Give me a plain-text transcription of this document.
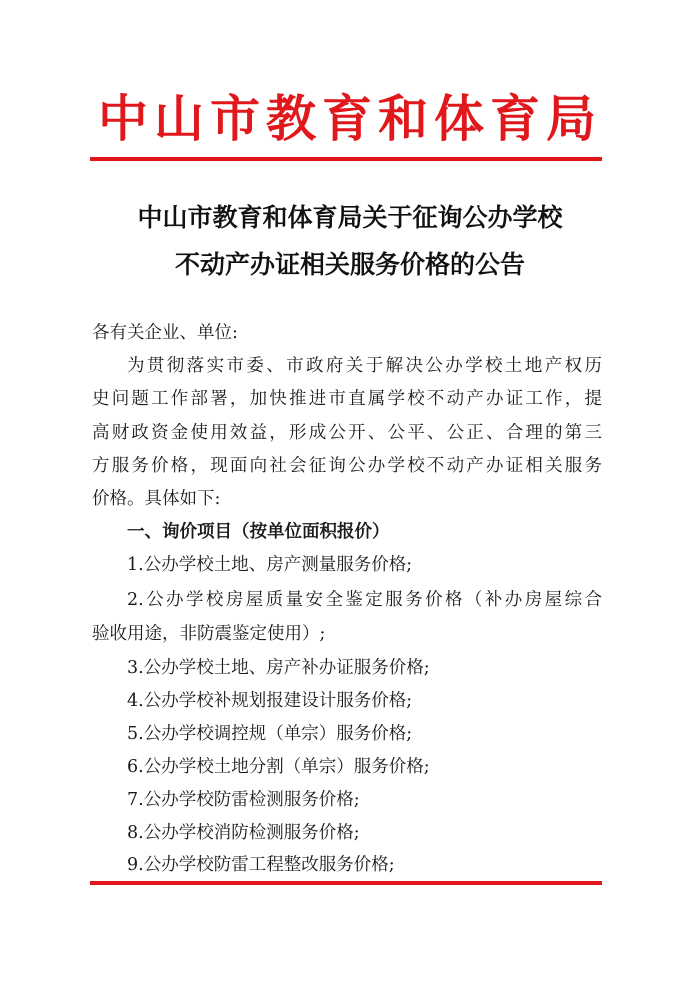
中山市教育和体育局
中山市教育和体育局关于征询公办学校
不动产办证相关服务价格的公告
各有关企业、单位:
为贯彻落实市委、市政府关于解决公办学校土地产权历
史问题工作部署，加快推进市直属学校不动产办证工作，提
高财政资金使用效益，形成公开、公平、公正、合理的第三
方服务价格，现面向社会征询公办学校不动产办证相关服务
价格。具体如下:
一、询价项目（按单位面积报价）
1.公办学校土地、房产测量服务价格;
2.公办学校房屋质量安全鉴定服务价格（补办房屋综合
验收用途，非防震鉴定使用）;
3.公办学校土地、房产补办证服务价格;
4.公办学校补规划报建设计服务价格;
5.公办学校调控规（单宗）服务价格;
6.公办学校土地分割（单宗）服务价格;
7.公办学校防雷检测服务价格;
8.公办学校消防检测服务价格;
9.公办学校防雷工程整改服务价格;
